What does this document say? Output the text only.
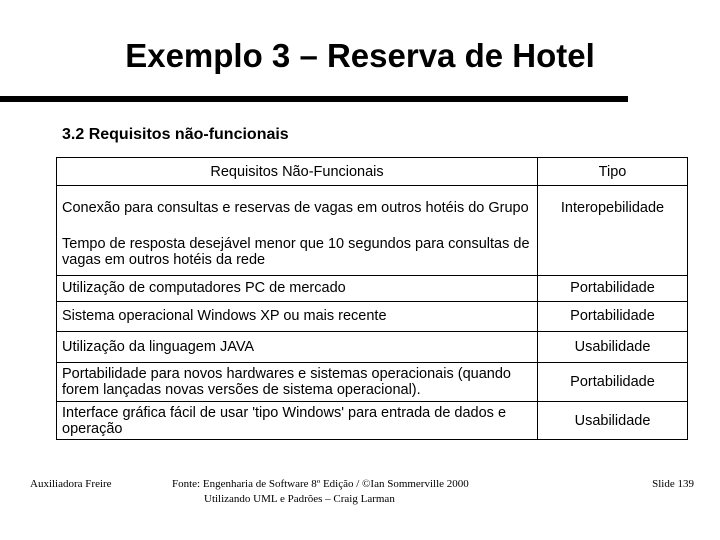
Exemplo 3 – Reserva de Hotel
3.2 Requisitos não-funcionais
Requisitos Não-Funcionais	Tipo
Conexão para consultas e reservas de vagas em outros hotéis do Grupo	Interopebilidade
Tempo de resposta desejável menor que 10 segundos para consultas de vagas em outros hotéis da rede	
Utilização de computadores PC de mercado	Portabilidade
Sistema operacional Windows XP ou mais recente	Portabilidade
Utilização da linguagem JAVA	Usabilidade
Portabilidade para novos hardwares e sistemas operacionais (quando forem lançadas novas versões de sistema operacional).	Portabilidade
Interface gráfica fácil de usar 'tipo Windows' para entrada de dados e operação	Usabilidade
Auxiliadora Freire	Fonte: Engenharia de Software 8º Edição / ©Ian Sommerville 2000
Utilizando UML e Padrões – Craig Larman
Slide 139
